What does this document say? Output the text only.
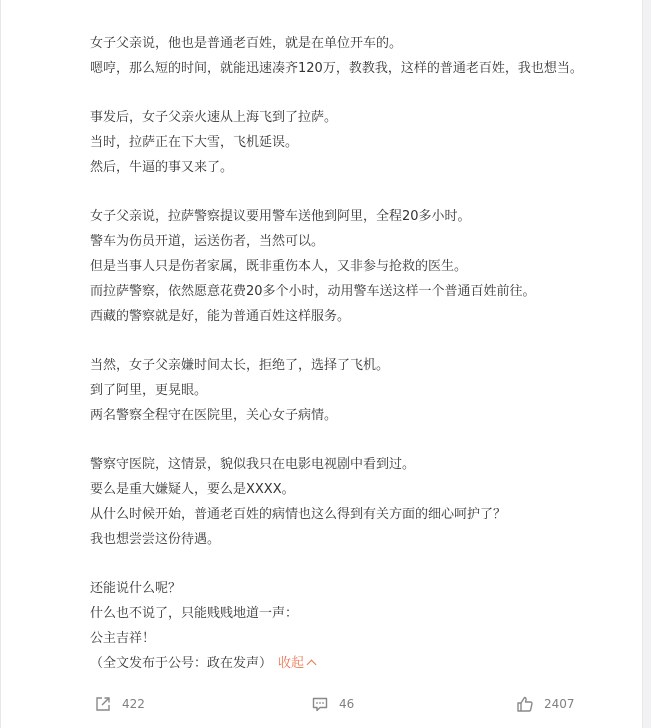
女子父亲说，他也是普通老百姓，就是在单位开车的。
嗯哼，那么短的时间，就能迅速凑齐120万，教教我，这样的普通老百姓，我也想当。
事发后，女子父亲火速从上海飞到了拉萨。
当时，拉萨正在下大雪，飞机延误。
然后，牛逼的事又来了。
女子父亲说，拉萨警察提议要用警车送他到阿里，全程20多小时。
警车为伤员开道，运送伤者，当然可以。
但是当事人只是伤者家属，既非重伤本人，又非参与抢救的医生。
而拉萨警察，依然愿意花费20多个小时，动用警车送这样一个普通百姓前往。
西藏的警察就是好，能为普通百姓这样服务。
当然，女子父亲嫌时间太长，拒绝了，选择了飞机。
到了阿里，更晃眼。
两名警察全程守在医院里，关心女子病情。
警察守医院，这情景，貌似我只在电影电视剧中看到过。
要么是重大嫌疑人，要么是XXXX。
从什么时候开始，普通老百姓的病情也这么得到有关方面的细心呵护了？
我也想尝尝这份待遇。
还能说什么呢？
什么也不说了，只能贱贱地道一声：
公主吉祥！
（全文发布于公号：政在发声） 收起
422	46	2407
